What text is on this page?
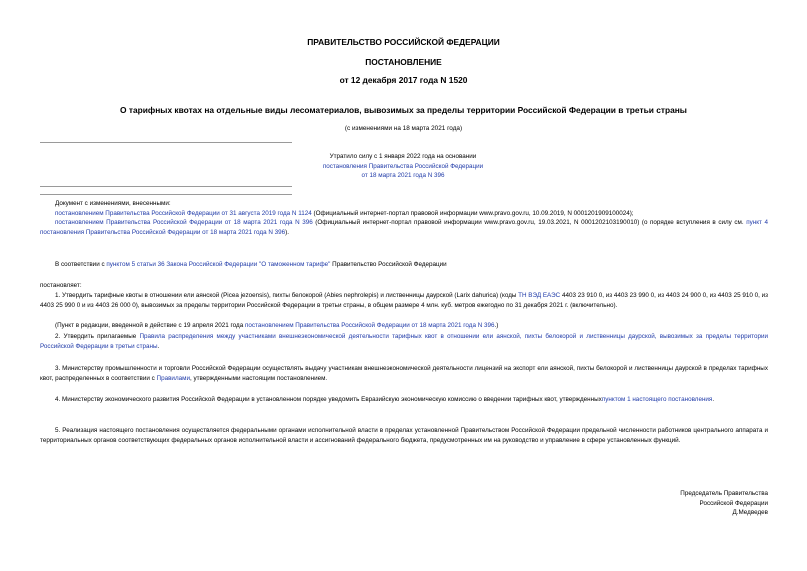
ПРАВИТЕЛЬСТВО РОССИЙСКОЙ ФЕДЕРАЦИИ
ПОСТАНОВЛЕНИЕ
от 12 декабря 2017 года N 1520
О тарифных квотах на отдельные виды лесоматериалов, вывозимых за пределы территории Российской Федерации в третьи страны
(с изменениями на 18 марта 2021 года)
Утратило силу с 1 января 2022 года на основании
постановления Правительства Российской Федерации
от 18 марта 2021 года N 396
Документ с изменениями, внесенными:
постановлением Правительства Российской Федерации от 31 августа 2019 года N 1124 (Официальный интернет-портал правовой информации www.pravo.gov.ru, 10.09.2019, N 0001201909100024);
постановлением Правительства Российской Федерации от 18 марта 2021 года N 396 (Официальный интернет-портал правовой информации www.pravo.gov.ru, 19.03.2021, N 0001202103190010) (о порядке вступления в силу см. пункт 4 постановления Правительства Российской Федерации от 18 марта 2021 года N 396).
В соответствии с пунктом 5 статьи 36 Закона Российской Федерации "О таможенном тарифе" Правительство Российской Федерации
постановляет:
1. Утвердить тарифные квоты в отношении ели аянской (Picea jezoensis), пихты белокорой (Abies nephrolepis) и лиственницы даурской (Larix dahurica) (коды ТН ВЭД ЕАЭС 4403 23 910 0, из 4403 23 990 0, из 4403 24 900 0, из 4403 25 910 0, из 4403 25 990 0 и из 4403 26 000 0), вывозимых за пределы территории Российской Федерации в третьи страны, в общем размере 4 млн. куб. метров ежегодно по 31 декабря 2021 г. (включительно).
(Пункт в редакции, введенной в действие с 19 апреля 2021 года постановлением Правительства Российской Федерации от 18 марта 2021 года N 396.)
2. Утвердить прилагаемые Правила распределения между участниками внешнеэкономической деятельности тарифных квот в отношении ели аянской, пихты белокорой и лиственницы даурской, вывозимых за пределы территории Российской Федерации в третьи страны.
3. Министерству промышленности и торговли Российской Федерации осуществлять выдачу участникам внешнеэкономической деятельности лицензий на экспорт ели аянской, пихты белокорой и лиственницы даурской в пределах тарифных квот, распределенных в соответствии с Правилами, утвержденными настоящим постановлением.
4. Министерству экономического развития Российской Федерации в установленном порядке уведомить Евразийскую экономическую комиссию о введении тарифных квот, утвержденныхпунктом 1 настоящего постановления.
5. Реализация настоящего постановления осуществляется федеральными органами исполнительной власти в пределах установленной Правительством Российской Федерации предельной численности работников центрального аппарата и территориальных органов соответствующих федеральных органов исполнительной власти и ассигнований федерального бюджета, предусмотренных им на руководство и управление в сфере установленных функций.
Председатель Правительства
Российской Федерации
Д.Медведев
